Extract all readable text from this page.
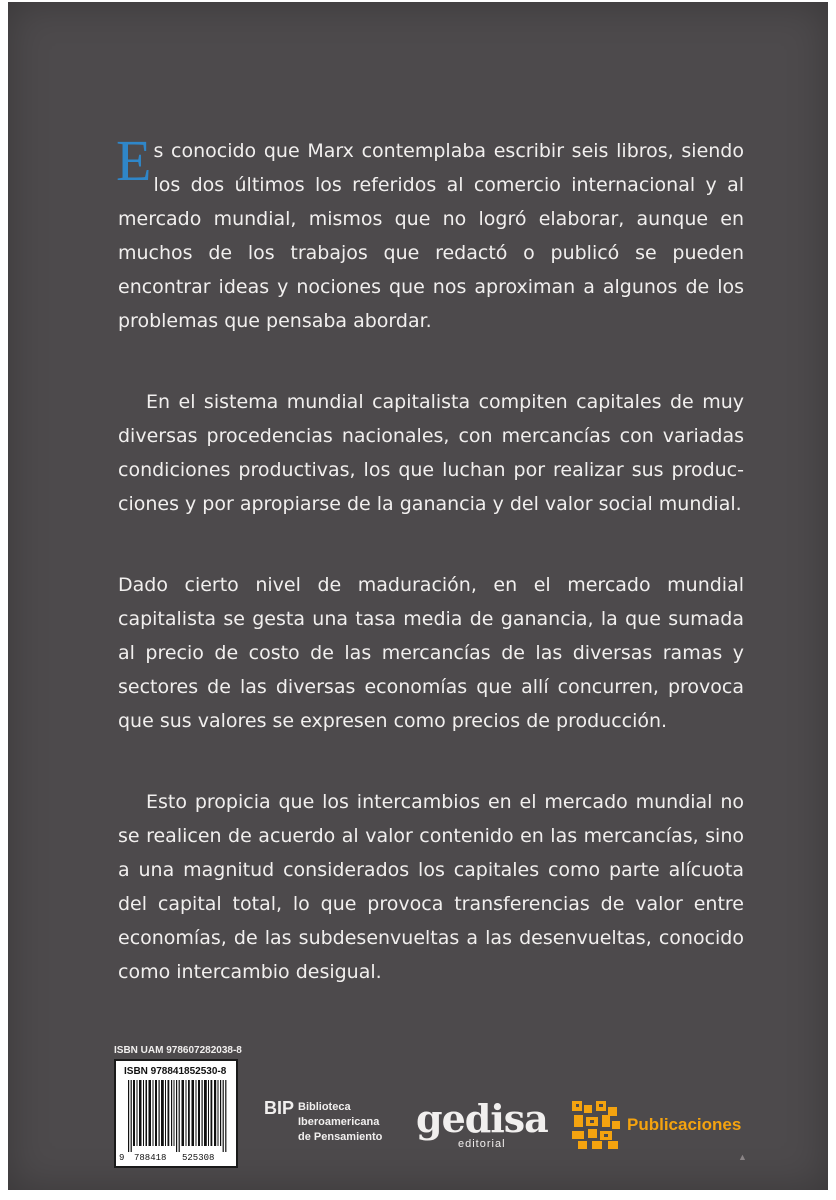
Es conocido que Marx contemplaba escribir seis libros, siendo los dos últimos los referidos al comercio internacional y al mercado mundial, mismos que no logró elaborar, aunque en muchos de los trabajos que redactó o publicó se pueden encontrar ideas y nociones que nos aproximan a algunos de los problemas que pensaba abordar.

En el sistema mundial capitalista compiten capitales de muy diversas procedencias nacionales, con mercancías con variadas condiciones productivas, los que luchan por realizar sus producciones y por apropiarse de la ganancia y del valor social mundial.

Dado cierto nivel de maduración, en el mercado mundial capitalista se gesta una tasa media de ganancia, la que sumada al precio de costo de las mercancías de las diversas ramas y sectores de las diversas economías que allí concurren, provoca que sus valores se expresen como precios de producción.

Esto propicia que los intercambios en el mercado mundial no se realicen de acuerdo al valor contenido en las mercancías, sino a una magnitud considerados los capitales como parte alícuota del capital total, lo que provoca transferencias de valor entre economías, de las subdesenvueltas a las desenvueltas, conocido como intercambio desigual.

ISBN UAM 978607282038-8
ISBN 978841852530-8
9 788418 525308
BIP Biblioteca
Iberoamericana
de Pensamiento gedisa
editorial
Publicaciones
▲
